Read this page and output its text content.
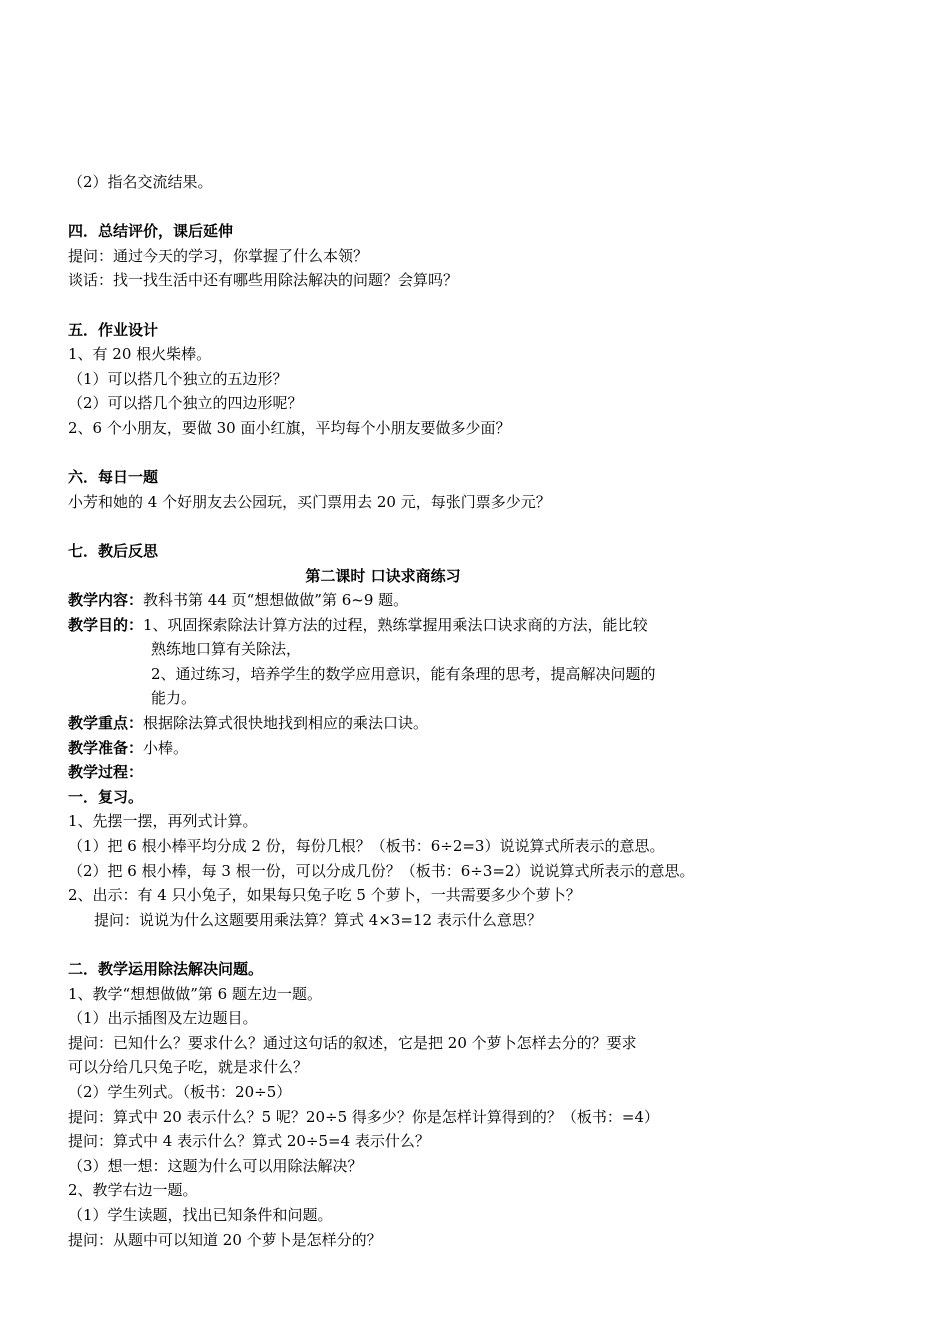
（2）指名交流结果。
四．总结评价，课后延伸
提问：通过今天的学习，你掌握了什么本领？
谈话：找一找生活中还有哪些用除法解决的问题？会算吗？
五．作业设计
1、有 20 根火柴棒。
（1）可以搭几个独立的五边形？
（2）可以搭几个独立的四边形呢？
2、6 个小朋友，要做 30 面小红旗，平均每个小朋友要做多少面？
六．每日一题
小芳和她的 4 个好朋友去公园玩，买门票用去 20 元，每张门票多少元？
七．教后反思
第二课时 口诀求商练习
教学内容：教科书第 44 页“想想做做”第 6~9 题。
教学目的：1、巩固探索除法计算方法的过程，熟练掌握用乘法口诀求商的方法，能比较
熟练地口算有关除法，
2、通过练习，培养学生的数学应用意识，能有条理的思考，提高解决问题的
能力。
教学重点：根据除法算式很快地找到相应的乘法口诀。
教学准备：小棒。
教学过程：
一．复习。
1、先摆一摆，再列式计算。
（1）把 6 根小棒平均分成 2 份，每份几根？（板书：6÷2=3）说说算式所表示的意思。
（2）把 6 根小棒，每 3 根一份，可以分成几份？（板书：6÷3=2）说说算式所表示的意思。
2、出示：有 4 只小兔子，如果每只兔子吃 5 个萝卜，一共需要多少个萝卜？
提问：说说为什么这题要用乘法算？算式 4×3=12 表示什么意思？
二．教学运用除法解决问题。
1、教学“想想做做”第 6 题左边一题。
（1）出示插图及左边题目。
提问：已知什么？要求什么？通过这句话的叙述，它是把 20 个萝卜怎样去分的？要求
可以分给几只兔子吃，就是求什么？
（2）学生列式。（板书：20÷5）
提问：算式中 20 表示什么？5 呢？20÷5 得多少？你是怎样计算得到的？（板书：=4）
提问：算式中 4 表示什么？算式 20÷5=4 表示什么？
（3）想一想：这题为什么可以用除法解决？
2、教学右边一题。
（1）学生读题，找出已知条件和问题。
提问：从题中可以知道 20 个萝卜是怎样分的？
